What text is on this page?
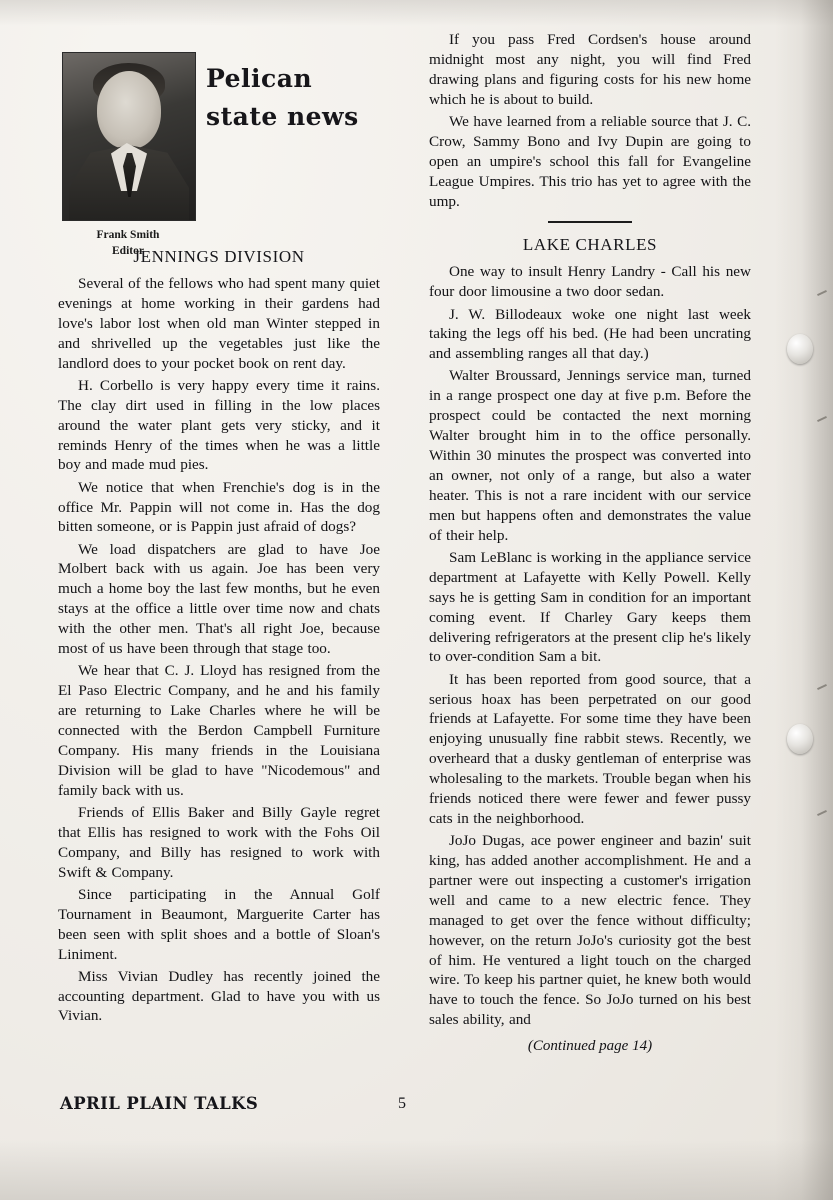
Pelican
state news
Frank Smith
Editor
JENNINGS DIVISION

Several of the fellows who had spent many quiet evenings at home working in their gardens had love's labor lost when old man Winter stepped in and shrivelled up the vegetables just like the landlord does to your pocket book on rent day.

H. Corbello is very happy every time it rains. The clay dirt used in filling in the low places around the water plant gets very sticky, and it reminds Henry of the times when he was a little boy and made mud pies.

We notice that when Frenchie's dog is in the office Mr. Pappin will not come in. Has the dog bitten someone, or is Pappin just afraid of dogs?

We load dispatchers are glad to have Joe Molbert back with us again. Joe has been very much a home boy the last few months, but he even stays at the office a little over time now and chats with the other men. That's all right Joe, because most of us have been through that stage too.

We hear that C. J. Lloyd has resigned from the El Paso Electric Company, and he and his family are returning to Lake Charles where he will be connected with the Berdon Campbell Furniture Company. His many friends in the Louisiana Division will be glad to have "Nicodemous" and family back with us.

Friends of Ellis Baker and Billy Gayle regret that Ellis has resigned to work with the Fohs Oil Company, and Billy has resigned to work with Swift & Company.

Since participating in the Annual Golf Tournament in Beaumont, Marguerite Carter has been seen with split shoes and a bottle of Sloan's Liniment.

Miss Vivian Dudley has recently joined the accounting department. Glad to have you with us Vivian.

If you pass Fred Cordsen's house around midnight most any night, you will find Fred drawing plans and figuring costs for his new home which he is about to build.

We have learned from a reliable source that J. C. Crow, Sammy Bono and Ivy Dupin are going to open an umpire's school this fall for Evangeline League Umpires. This trio has yet to agree with the ump.

LAKE CHARLES

One way to insult Henry Landry - Call his new four door limousine a two door sedan.

J. W. Billodeaux woke one night last week taking the legs off his bed. (He had been uncrating and assembling ranges all that day.)

Walter Broussard, Jennings service man, turned in a range prospect one day at five p.m. Before the prospect could be contacted the next morning Walter brought him in to the office personally. Within 30 minutes the prospect was converted into an owner, not only of a range, but also a water heater. This is not a rare incident with our service men but happens often and demonstrates the value of their help.

Sam LeBlanc is working in the appliance service department at Lafayette with Kelly Powell. Kelly says he is getting Sam in condition for an important coming event. If Charley Gary keeps them delivering refrigerators at the present clip he's likely to over-condition Sam a bit.

It has been reported from good source, that a serious hoax has been perpetrated on our good friends at Lafayette. For some time they have been enjoying unusually fine rabbit stews. Recently, we overheard that a dusky gentleman of enterprise was wholesaling to the markets. Trouble began when his friends noticed there were fewer and fewer pussy cats in the neighborhood.

JoJo Dugas, ace power engineer and bazin' suit king, has added another accomplishment. He and a partner were out inspecting a customer's irrigation well and came to a new electric fence. They managed to get over the fence without difficulty; however, on the return JoJo's curiosity got the best of him. He ventured a light touch on the charged wire. To keep his partner quiet, he knew both would have to touch the fence. So JoJo turned on his best sales ability, and

(Continued page 14)
APRIL PLAIN TALKS	5
